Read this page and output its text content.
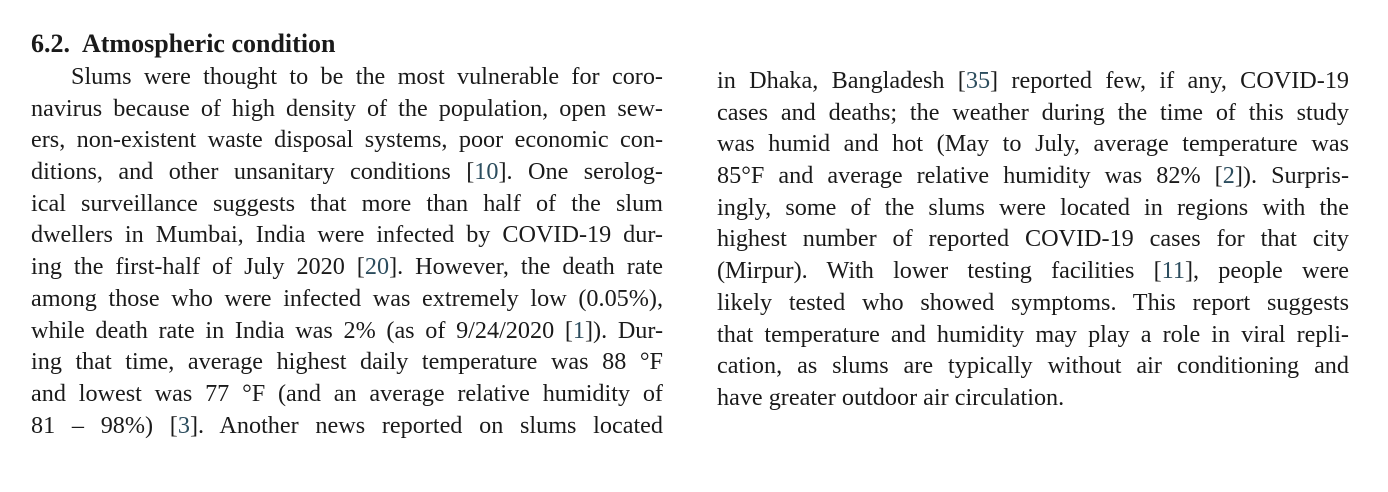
6.2. Atmospheric condition
Slums were thought to be the most vulnerable for coro-
navirus because of high density of the population, open sew-
ers, non-existent waste disposal systems, poor economic con-
ditions, and other unsanitary conditions [10]. One serolog-
ical surveillance suggests that more than half of the slum
dwellers in Mumbai, India were infected by COVID-19 dur-
ing the first-half of July 2020 [20]. However, the death rate
among those who were infected was extremely low (0.05%),
while death rate in India was 2% (as of 9/24/2020 [1]). Dur-
ing that time, average highest daily temperature was 88 °F
and lowest was 77 °F (and an average relative humidity of
81 – 98%) [3]. Another news reported on slums located
in Dhaka, Bangladesh [35] reported few, if any, COVID-19
cases and deaths; the weather during the time of this study
was humid and hot (May to July, average temperature was
85°F and average relative humidity was 82% [2]). Surpris-
ingly, some of the slums were located in regions with the
highest number of reported COVID-19 cases for that city
(Mirpur). With lower testing facilities [11], people were
likely tested who showed symptoms. This report suggests
that temperature and humidity may play a role in viral repli-
cation, as slums are typically without air conditioning and
have greater outdoor air circulation.
